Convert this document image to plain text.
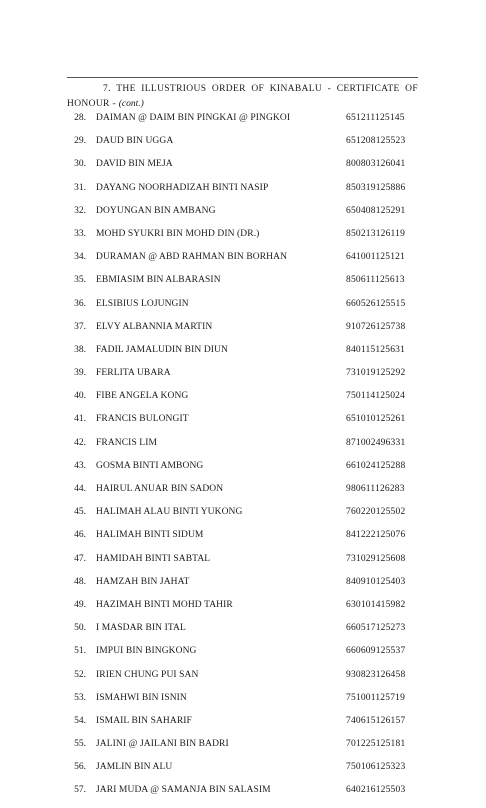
7. THE ILLUSTRIOUS ORDER OF KINABALU - CERTIFICATE OF HONOUR - (cont.)
28. DAIMAN @ DAIM BIN PINGKAI @ PINGKOI	651211125145
29. DAUD BIN UGGA	651208125523
30. DAVID BIN MEJA	800803126041
31. DAYANG NOORHADIZAH BINTI NASIP	850319125886
32. DOYUNGAN BIN AMBANG	650408125291
33. MOHD SYUKRI BIN MOHD DIN (DR.)	850213126119
34. DURAMAN @ ABD RAHMAN BIN BORHAN	641001125121
35. EBMIASIM BIN ALBARASIN	850611125613
36. ELSIBIUS LOJUNGIN	660526125515
37. ELVY ALBANNIA MARTIN	910726125738
38. FADIL JAMALUDIN BIN DIUN	840115125631
39. FERLITA UBARA	731019125292
40. FIBE ANGELA KONG	750114125024
41. FRANCIS BULONGIT	651010125261
42. FRANCIS LIM	871002496331
43. GOSMA BINTI AMBONG	661024125288
44. HAIRUL ANUAR BIN SADON	980611126283
45. HALIMAH ALAU BINTI YUKONG	760220125502
46. HALIMAH BINTI SIDUM	841222125076
47. HAMIDAH BINTI SABTAL	731029125608
48. HAMZAH BIN JAHAT	840910125403
49. HAZIMAH BINTI MOHD TAHIR	630101415982
50. I MASDAR BIN ITAL	660517125273
51. IMPUI BIN BINGKONG	660609125537
52. IRIEN CHUNG PUI SAN	930823126458
53. ISMAHWI BIN ISNIN	751001125719
54. ISMAIL BIN SAHARIF	740615126157
55. JALINI @ JAILANI BIN BADRI	701225125181
56. JAMLIN BIN ALU	750106125323
57. JARI MUDA @ SAMANJA BIN SALASIM	640216125503
